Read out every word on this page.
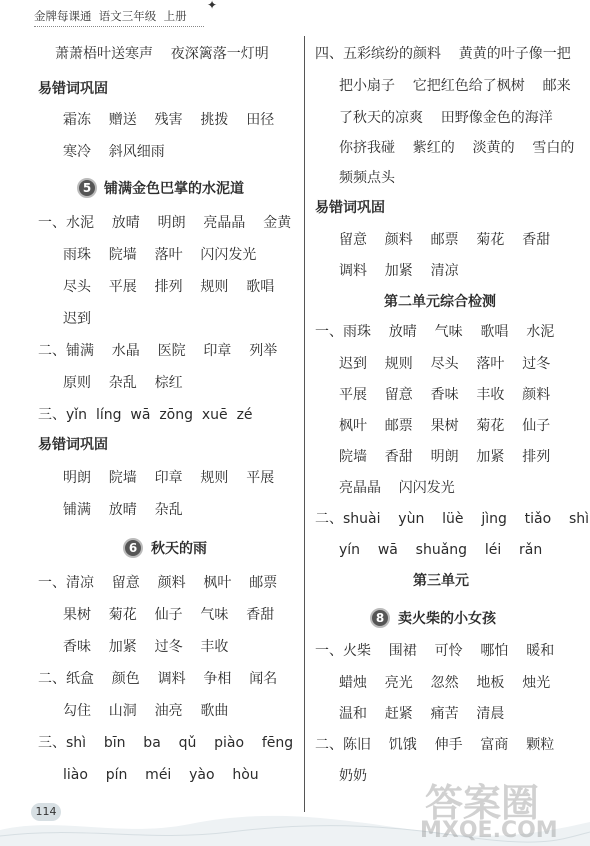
金牌每课通  语文三年级  上册
✦
萧萧梧叶送寒声    夜深篱落一灯明
易错词巩固
霜冻    赠送    残害    挑拨    田径
寒冷    斜风细雨
5 铺满金色巴掌的水泥道
一、水泥    放晴    明朗    亮晶晶    金黄
雨珠    院墙    落叶    闪闪发光
尽头    平展    排列    规则    歌唱
迟到
二、铺满    水晶    医院    印章    列举
原则    杂乱    棕红
三、yǐn  líng  wā  zōng  xuē  zé
易错词巩固
明朗    院墙    印章    规则    平展
铺满    放晴    杂乱
6 秋天的雨
一、清凉    留意    颜料    枫叶    邮票
果树    菊花    仙子    气味    香甜
香味    加紧    过冬    丰收
二、纸盒    颜色    调料    争相    闻名
勾住    山洞    油亮    歌曲
三、shì    bīn    ba    qǔ    piào    fēng
liào    pín    méi    yào    hòu
四、五彩缤纷的颜料    黄黄的叶子像一把
把小扇子    它把红色给了枫树    邮来
了秋天的凉爽    田野像金色的海洋
你挤我碰    紫红的    淡黄的    雪白的
频频点头
易错词巩固
留意    颜料    邮票    菊花    香甜
调料    加紧    清凉
第二单元综合检测
一、雨珠    放晴    气味    歌唱    水泥
迟到    规则    尽头    落叶    过冬
平展    留意    香味    丰收    颜料
枫叶    邮票    果树    菊花    仙子
院墙    香甜    明朗    加紧    排列
亮晶晶    闪闪发光
二、shuài    yùn    lüè    jìng    tiǎo    shì
yín    wā    shuǎng    léi    rǎn
第三单元
8 卖火柴的小女孩
一、火柴    围裙    可怜    哪怕    暖和
蜡烛    亮光    忽然    地板    烛光
温和    赶紧    痛苦    清晨
二、陈旧    饥饿    伸手    富商    颗粒
奶奶
114	答案圈
MXQE.COM
